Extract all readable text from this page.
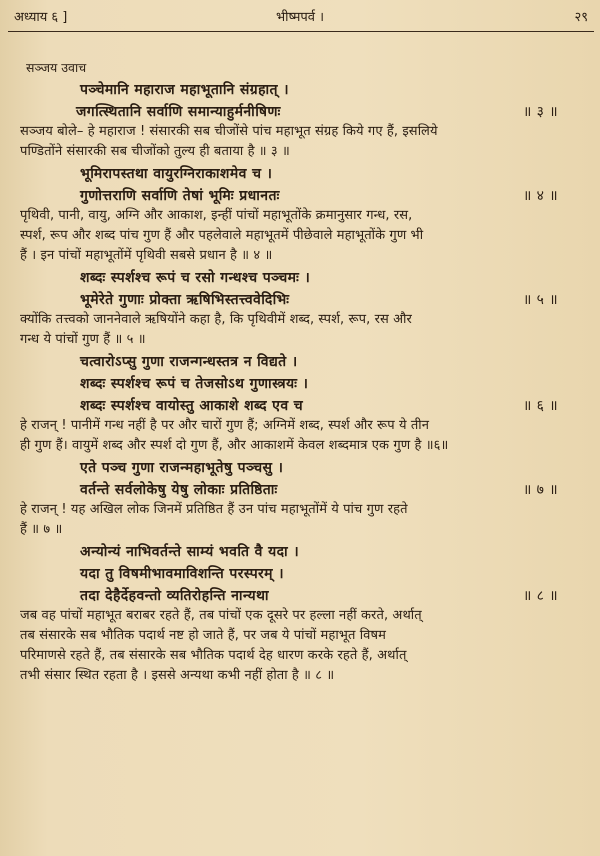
अध्याय ६ ]	भीष्मपर्व ।	२९
सञ्जय उवाच
पञ्चेमानि महाराज महाभूतानि संग्रहात् ।
जगत्स्थितानि सर्वाणि समान्याहुर्मनीषिणः	॥ ३ ॥
सञ्जय बोले– हे महाराज ! संसारकी सब चीजोंसे पांच महाभूत संग्रह किये गए हैं, इसलिये
पण्डितोंने संसारकी सब चीजोंको तुल्य ही बताया है ॥ ३ ॥
भूमिरापस्तथा वायुरग्निराकाशमेव च ।
गुणोत्तराणि सर्वाणि तेषां भूमिः प्रधानतः	॥ ४ ॥
पृथिवी, पानी, वायु, अग्नि और आकाश, इन्हीं पांचों महाभूतोंके क्रमानुसार गन्ध, रस,
स्पर्श, रूप और शब्द पांच गुण हैं और पहलेवाले महाभूतमें पीछेवाले महाभूतोंके गुण भी
हैं । इन पांचों महाभूतोंमें पृथिवी सबसे प्रधान है ॥ ४ ॥
शब्दः स्पर्शश्च रूपं च रसो गन्धश्च पञ्चमः ।
भूमेरेते गुणाः प्रोक्ता ऋषिभिस्तत्त्ववेदिभिः	॥ ५ ॥
क्योंकि तत्त्वको जाननेवाले ऋषियोंने कहा है, कि पृथिवीमें शब्द, स्पर्श, रूप, रस और
गन्ध ये पांचों गुण हैं ॥ ५ ॥
चत्वारोऽप्सु गुणा राजन्गन्धस्तत्र न विद्यते ।
शब्दः स्पर्शश्च रूपं च तेजसोऽथ गुणास्त्रयः ।
शब्दः स्पर्शश्च वायोस्तु आकाशे शब्द एव च	॥ ६ ॥
हे राजन् ! पानीमें गन्ध नहीं है पर और चारों गुण हैं; अग्निमें शब्द, स्पर्श और रूप ये तीन
ही गुण हैं। वायुमें शब्द और स्पर्श दो गुण हैं, और आकाशमें केवल शब्दमात्र एक गुण है ॥६॥
एते पञ्च गुणा राजन्महाभूतेषु पञ्चसु ।
वर्तन्ते सर्वलोकेषु येषु लोकाः प्रतिष्ठिताः	॥ ७ ॥
हे राजन् ! यह अखिल लोक जिनमें प्रतिष्ठित हैं उन पांच महाभूतोंमें ये पांच गुण रहते
हैं ॥ ७ ॥
अन्योन्यं नाभिवर्तन्ते साम्यं भवति वै यदा ।
यदा तु विषमीभावमाविशन्ति परस्परम् ।
तदा देहैर्देहवन्तो व्यतिरोहन्ति नान्यथा	॥ ८ ॥
जब वह पांचों महाभूत बराबर रहते हैं, तब पांचों एक दूसरे पर हल्ला नहीं करते, अर्थात्
तब संसारके सब भौतिक पदार्थ नष्ट हो जाते हैं, पर जब ये पांचों महाभूत विषम
परिमाणसे रहते हैं, तब संसारके सब भौतिक पदार्थ देह धारण करके रहते हैं, अर्थात्
तभी संसार स्थित रहता है । इससे अन्यथा कभी नहीं होता है ॥ ८ ॥
